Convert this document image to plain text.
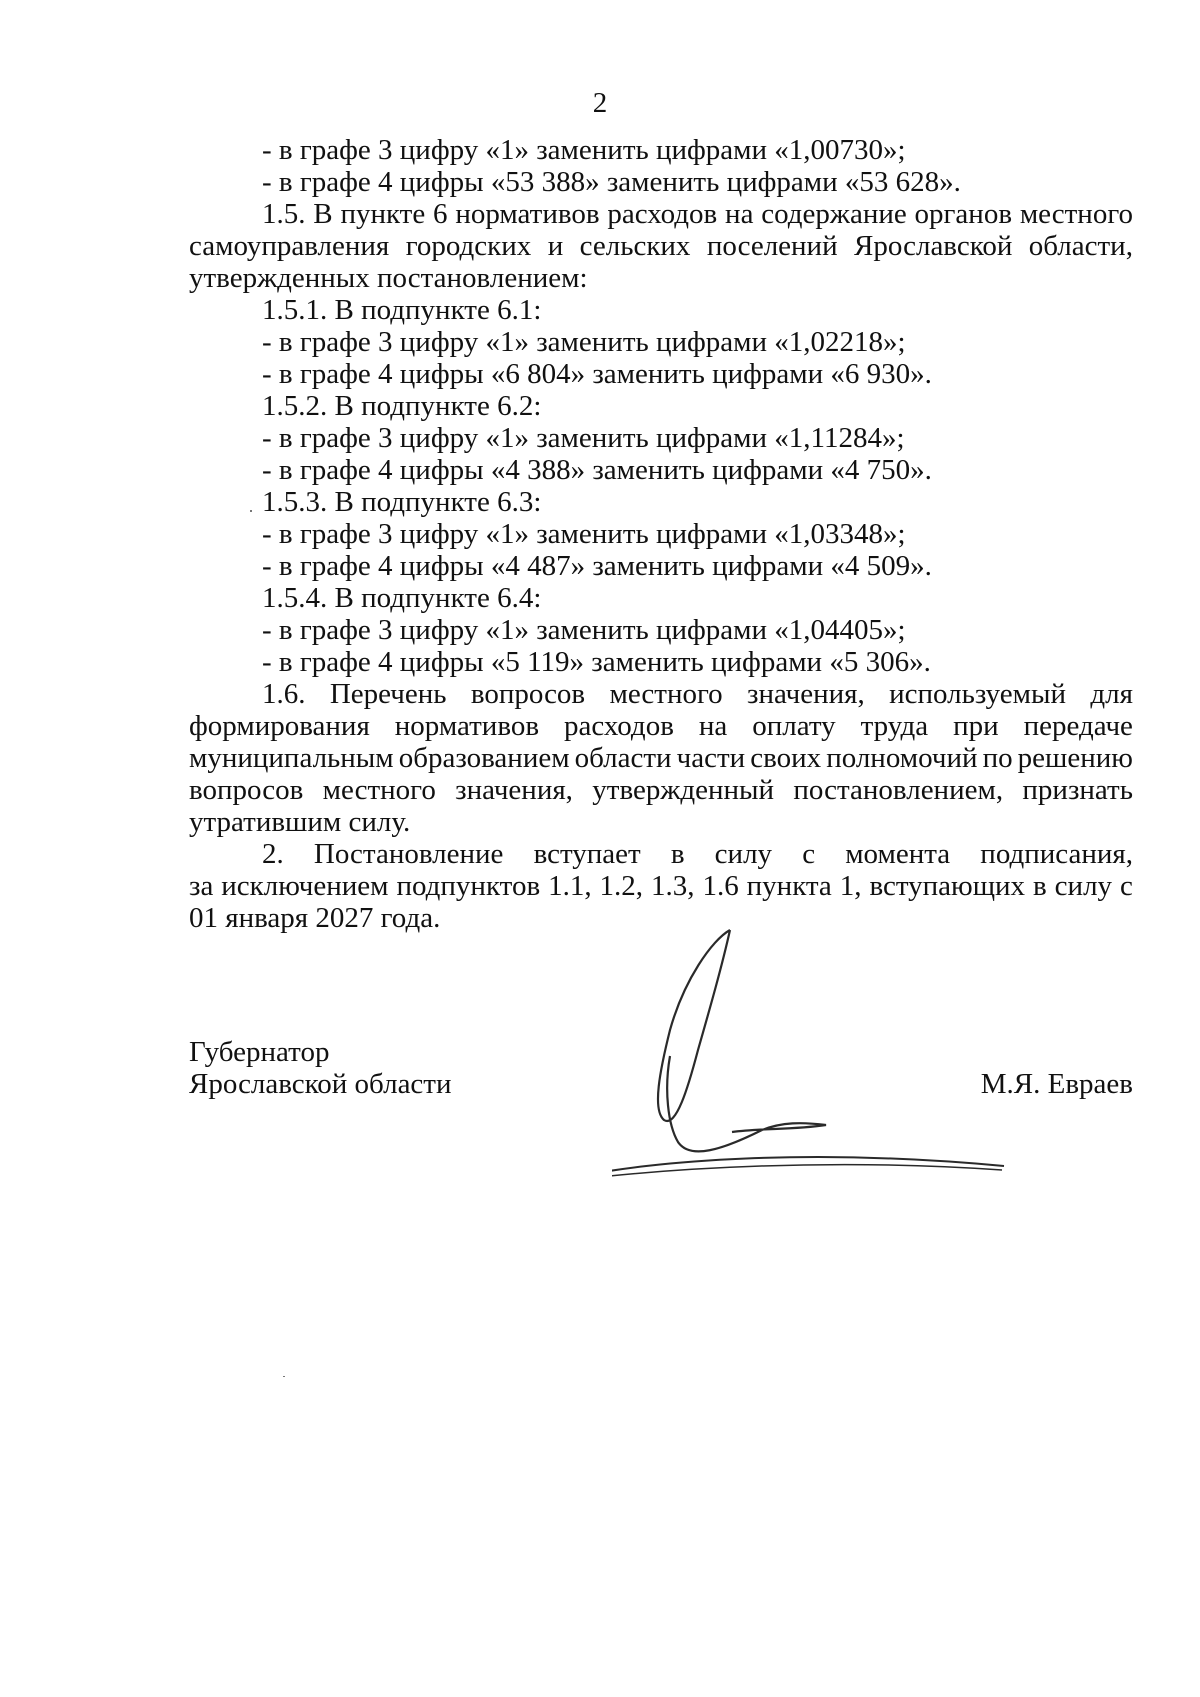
2
- в графе 3 цифру «1» заменить цифрами «1,00730»;
- в графе 4 цифры «53 388» заменить цифрами «53 628».
1.5. В пункте 6 нормативов расходов на содержание органов местного
самоуправления городских и сельских поселений Ярославской области,
утвержденных постановлением:
1.5.1. В подпункте 6.1:
- в графе 3 цифру «1» заменить цифрами «1,02218»;
- в графе 4 цифры «6 804» заменить цифрами «6 930».
1.5.2. В подпункте 6.2:
- в графе 3 цифру «1» заменить цифрами «1,11284»;
- в графе 4 цифры «4 388» заменить цифрами «4 750».
1.5.3. В подпункте 6.3:
- в графе 3 цифру «1» заменить цифрами «1,03348»;
- в графе 4 цифры «4 487» заменить цифрами «4 509».
1.5.4. В подпункте 6.4:
- в графе 3 цифру «1» заменить цифрами «1,04405»;
- в графе 4 цифры «5 119» заменить цифрами «5 306».
1.6. Перечень вопросов местного значения, используемый для
формирования нормативов расходов на оплату труда при передаче
муниципальным образованием области части своих полномочий по решению
вопросов местного значения, утвержденный постановлением, признать
утратившим силу.
2. Постановление вступает в силу с момента подписания,
за исключением подпунктов 1.1, 1.2, 1.3, 1.6 пункта 1, вступающих в силу с
01 января 2027 года.
Губернатор
Ярославской области	М.Я. Евраев
